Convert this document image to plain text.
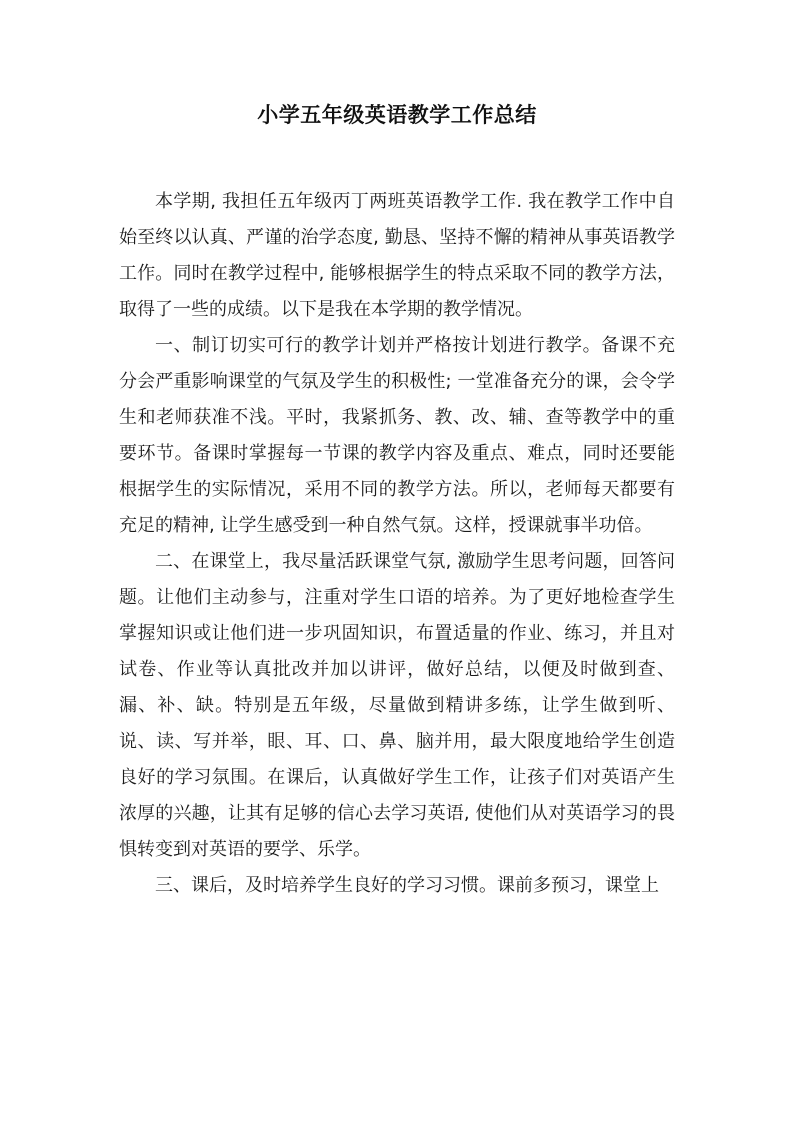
小学五年级英语教学工作总结

本学期, 我担任五年级丙丁两班英语教学工作. 我在教学工作中自始至终以认真、严谨的治学态度, 勤恳、坚持不懈的精神从事英语教学工作。同时在教学过程中, 能够根据学生的特点采取不同的教学方法，取得了一些的成绩。以下是我在本学期的教学情况。

一、制订切实可行的教学计划并严格按计划进行教学。备课不充分会严重影响课堂的气氛及学生的积极性; 一堂准备充分的课，会令学生和老师获准不浅。平时，我紧抓务、教、改、辅、查等教学中的重要环节。备课时掌握每一节课的教学内容及重点、难点，同时还要能根据学生的实际情况，采用不同的教学方法。所以，老师每天都要有充足的精神, 让学生感受到一种自然气氛。这样，授课就事半功倍。

二、在课堂上，我尽量活跃课堂气氛, 激励学生思考问题，回答问题。让他们主动参与，注重对学生口语的培养。为了更好地检查学生掌握知识或让他们进一步巩固知识，布置适量的作业、练习，并且对试卷、作业等认真批改并加以讲评，做好总结，以便及时做到查、漏、补、缺。特别是五年级，尽量做到精讲多练，让学生做到听、说、读、写并举，眼、耳、口、鼻、脑并用，最大限度地给学生创造良好的学习氛围。在课后，认真做好学生工作，让孩子们对英语产生浓厚的兴趣，让其有足够的信心去学习英语, 使他们从对英语学习的畏惧转变到对英语的要学、乐学。

三、课后，及时培养学生良好的学习习惯。课前多预习，课堂上
